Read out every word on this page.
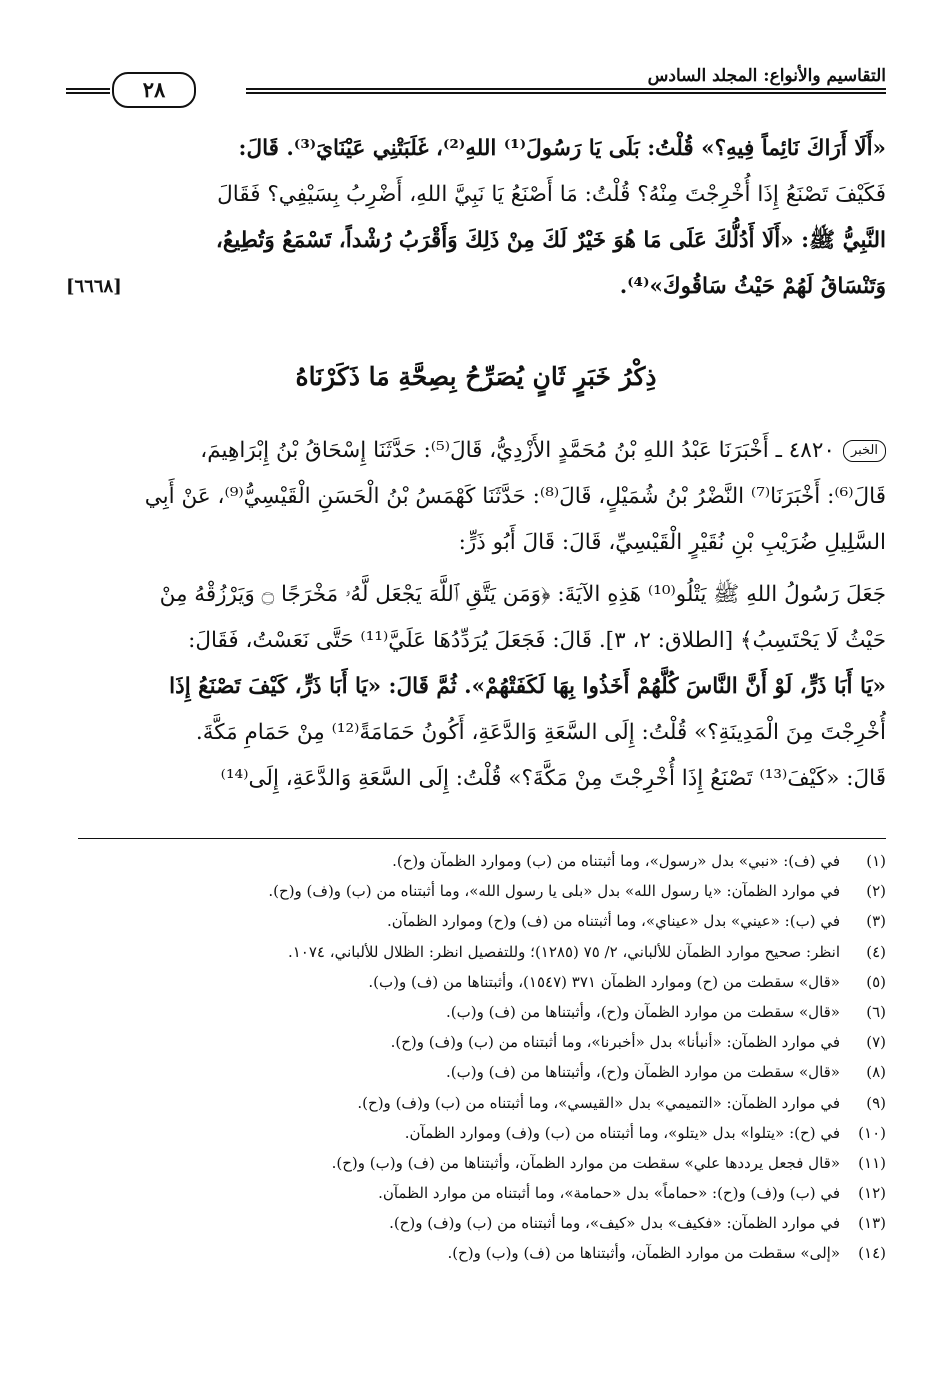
التقاسيم والأنواع: المجلد السادس
٢٨
«أَلَا أَرَاكَ نَائِماً فِيهِ؟» قُلْتُ: بَلَى يَا رَسُولَ⁽¹⁾ اللهِ⁽²⁾، غَلَبَتْنِي عَيْنَايَ⁽³⁾. قَالَ:
فَكَيْفَ تَصْنَعُ إِذَا أُخْرِجْتَ مِنْهُ؟ قُلْتُ: مَا أَصْنَعُ يَا نَبِيَّ اللهِ، أَضْرِبُ بِسَيْفِي؟ فَقَالَ
النَّبِيُّ ﷺ: «أَلَا أَدُلُّكَ عَلَى مَا هُوَ خَيْرٌ لَكَ مِنْ ذَلِكَ وَأَقْرَبُ رُشْداً، تَسْمَعُ وَتُطِيعُ،
وَتَنْسَاقُ لَهُمْ حَيْثُ سَاقُوكَ»⁽⁴⁾.
[٦٦٦٨]
ذِكْرُ خَبَرٍ ثَانٍ يُصَرِّحُ بِصِحَّةِ مَا ذَكَرْنَاهُ
الخبر٤٨٢٠ ـ أَخْبَرَنَا عَبْدُ اللهِ بْنُ مُحَمَّدٍ الأَزْدِيُّ، قَالَ⁽⁵⁾: حَدَّثَنَا إِسْحَاقُ بْنُ إِبْرَاهِيمَ،
قَالَ⁽⁶⁾: أَخْبَرَنَا⁽⁷⁾ النَّضْرُ بْنُ شُمَيْلٍ، قَالَ⁽⁸⁾: حَدَّثَنَا كَهْمَسُ بْنُ الْحَسَنِ الْقَيْسِيُّ⁽⁹⁾، عَنْ أَبِي
السَّلِيلِ ضُرَيْبِ بْنِ نُقَيْرٍ الْقَيْسِيِّ، قَالَ: قَالَ أَبُو ذَرٍّ:
جَعَلَ رَسُولُ اللهِ ﷺ يَتْلُو⁽¹⁰⁾ هَذِهِ الآيَةَ: ﴿وَمَن يَتَّقِ ٱللَّهَ يَجْعَل لَّهُۥ مَخْرَجًا ۝ وَيَرْزُقْهُ مِنْ
حَيْثُ لَا يَحْتَسِبُ﴾ [الطلاق: ٢، ٣]. قَالَ: فَجَعَلَ يُرَدِّدُهَا عَلَيَّ⁽¹¹⁾ حَتَّى نَعَسْتُ، فَقَالَ:
«يَا أَبَا ذَرٍّ، لَوْ أَنَّ النَّاسَ كُلَّهُمْ أَخَذُوا بِهَا لَكَفَتْهُمْ». ثُمَّ قَالَ: «يَا أَبَا ذَرٍّ، كَيْفَ تَصْنَعُ إِذَا
أُخْرِجْتَ مِنَ الْمَدِينَةِ؟» قُلْتُ: إِلَى السَّعَةِ وَالدَّعَةِ، أَكُونُ حَمَامَةً⁽¹²⁾ مِنْ حَمَامِ مَكَّةَ.
قَالَ: «كَيْفَ⁽¹³⁾ تَصْنَعُ إِذَا أُخْرِجْتَ مِنْ مَكَّةَ؟» قُلْتُ: إِلَى السَّعَةِ وَالدَّعَةِ، إِلَى⁽¹⁴⁾
(١)في (ف): «نبي» بدل «رسول»، وما أثبتناه من (ب) وموارد الظمآن و(ح).
(٢)في موارد الظمآن: «يا رسول الله» بدل «بلى يا رسول الله»، وما أثبتناه من (ب) و(ف) و(ح).
(٣)في (ب): «عيني» بدل «عيناي»، وما أثبتناه من (ف) و(ح) وموارد الظمآن.
(٤)انظر: صحيح موارد الظمآن للألباني، ٢/ ٧٥ (١٢٨٥)؛ وللتفصيل انظر: الظلال للألباني، ١٠٧٤.
(٥)«قال» سقطت من (ح) وموارد الظمآن ٣٧١ (١٥٤٧)، وأثبتناها من (ف) و(ب).
(٦)«قال» سقطت من موارد الظمآن و(ح)، وأثبتناها من (ف) و(ب).
(٧)في موارد الظمآن: «أنبأنا» بدل «أخبرنا»، وما أثبتناه من (ب) و(ف) و(ح).
(٨)«قال» سقطت من موارد الظمآن و(ح)، وأثبتناها من (ف) و(ب).
(٩)في موارد الظمآن: «التميمي» بدل «القيسي»، وما أثبتناه من (ب) و(ف) و(ح).
(١٠)في (ح): «يتلوا» بدل «يتلو»، وما أثبتناه من (ب) و(ف) وموارد الظمآن.
(١١)«قال فجعل يرددها علي» سقطت من موارد الظمآن، وأثبتناها من (ف) و(ب) و(ح).
(١٢)في (ب) و(ف) و(ح): «حماماً» بدل «حمامة»، وما أثبتناه من موارد الظمآن.
(١٣)في موارد الظمآن: «فكيف» بدل «كيف»، وما أثبتناه من (ب) و(ف) و(ح).
(١٤)«إلى» سقطت من موارد الظمآن، وأثبتناها من (ف) و(ب) و(ح).
